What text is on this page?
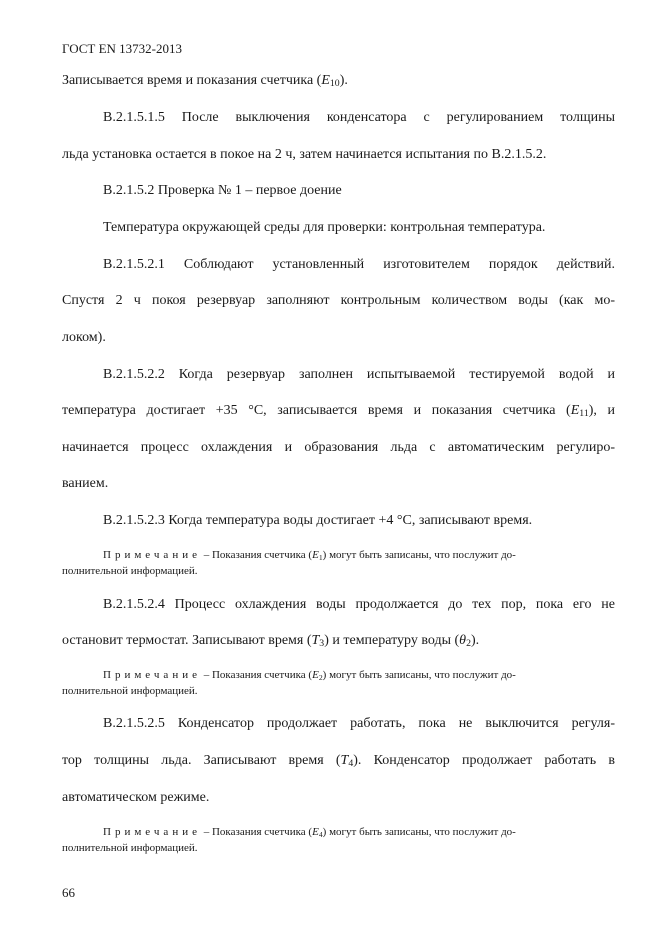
ГОСТ EN 13732-2013
Записывается время и показания счетчика $(E_{10})$.
В.2.1.5.1.5 После выключения конденсатора с регулированием толщины
льда установка остается в покое на 2 ч, затем начинается испытания по В.2.1.5.2.
В.2.1.5.2 Проверка № 1 – первое доение
Температура окружающей среды для проверки: контрольная температура.
В.2.1.5.2.1 Соблюдают установленный изготовителем порядок действий.
Спустя 2 ч покоя резервуар заполняют контрольным количеством воды (как мо-
локом).
В.2.1.5.2.2 Когда резервуар заполнен испытываемой тестируемой водой и
температура достигает +35 °С, записывается время и показания счетчика $(E_{11})$, и
начинается процесс охлаждения и образования льда с автоматическим регулиро-
ванием.
В.2.1.5.2.3 Когда температура воды достигает +4 °С, записывают время.
Примечание – Показания счетчика $(E_1)$ могут быть записаны, что послужит до-
полнительной информацией.
В.2.1.5.2.4 Процесс охлаждения воды продолжается до тех пор, пока его не
остановит термостат. Записывают время $(T_3)$ и температуру воды $(\theta_2)$.
Примечание – Показания счетчика $(E_2)$ могут быть записаны, что послужит до-
полнительной информацией.
В.2.1.5.2.5 Конденсатор продолжает работать, пока не выключится регуля-
тор толщины льда. Записывают время $(T_4)$. Конденсатор продолжает работать в
автоматическом режиме.
Примечание – Показания счетчика $(E_4)$ могут быть записаны, что послужит до-
полнительной информацией.
66
